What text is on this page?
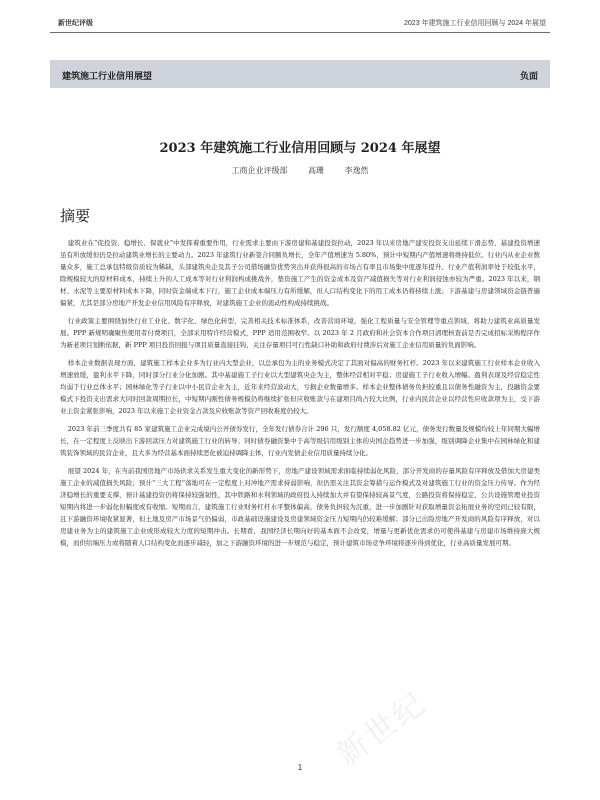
新世纪评级	2023 年建筑施工行业信用回顾与 2024 年展望
建筑施工行业信用展望	负面
2023 年建筑施工行业信用回顾与 2024 年展望
工商企业评级部	高珊	李逸然
摘要

建筑业在“促投资、稳增长、保就业”中发挥着重要作用，行业需求主要由下游房建和基建投资拉动，2023 年以来房地产建安投资支出延续下滑态势，基建投资增速虽有所放缓但仍是拉动建筑业增长的主要动力。2023 年建筑行业新签合同额负增长，全年产值增速为 5.80%，预计中短期内产值增速将维持低位。行业内从业企业数量众多，施工总承包特级资质较为稀缺，头部建筑央企及其子公司借场融资优势突出并获得很高的市场占有率且市场集中度逐年提升。行业产值利润率处于较低水平，除规模较大的原材料成本，持续上升的人工成本等对行业利润构成挑战外，垫资施工产生的资金成本及资产减值损失等对行业利润侵蚀亦较为严重。2023 年以来，钢材、水泥等主要原材料成本下降，同时资金端成本下行，施工企业成本端压力有所缓解，但人口结构变化下的用工成本仍将持续上涨；下游基建与房建领域资金链普遍偏紧，尤其是部分房地产开发企业信用风险有序释放，对建筑施工企业的流动性构成持续挑战。

行业政策主要围绕加快行业工业化、数字化、绿色化转型，完善相关技术标准体系，改善营商环境，强化工程质量与安全管理等重点领域，将助力建筑业高质量发展。PPP 新规明确聚焦使用者付费项目，全部采用特许经营模式，PPP 适用范围收窄。以 2023 年 2 月政府和社会资本合作项目清理核查前是否完成招标采购程序作为新老项目划断依据，新 PPP 项目投资回报与项目质量直接挂钩，关注存量项目可行性缺口补助和政府付费涉后对施工企业信用质量的负面影响。

样本企业数据表现方面，建筑施工样本企业多为行业内大型企业，以总承包为主的业务模式决定了其面对偏高的财务杠杆。2023 年以来建筑施工行业样本企业收入增速放缓，盈利水平下降，同时部分行业分化加剧。其中基建施工子行业以大型建筑央企为主，整体经营相对平稳；房建施工子行业收入增幅、盈利表现及经营稳定性均弱于行业总体水平；园林绿化等子行业以中小民营企业为主，近年来经营波动大，亏损企业数量增多。样本企业整体债务负担较重且以债务性融资为主，投融资金要模式下投资支出需求大同时回款周期拉长，中短期内刚性债务规模仍将继续扩张但应收账款与在建项目尚占较大比例，行业内民营企业以经营性应收款项为主，受下游业主资金紧张影响，2023 年以来施工企业资金占款及应收账款等资产回收难度仍较大。

2023 年前三季度共有 85 家建筑施工企业完成境内公开债券发行，全年发行债券合计 296 只，发行额度 4,058.82 亿元，债务发行数量及规模均较上年同期大幅增长，在一定程度上反映出下游回款压力对建筑施工行业的转导；同时债券融资集中于高等级信用级别主体的央国企趋势进一步加强，级别调降企业集中在园林绿化和建筑装饰领域的民营企业，且大多为经营基本面持续恶化被迫持调降主体，行业内发债企业信用质量持续分化。

展望 2024 年，在当前我国房地产市场供求关系发生重大变化的新形势下，房地产建设领域需求面临持续弱化风险，部分开发商的存量风险有序释放及借加大房建类施工企业的减值损失风险；预计“三大工程”落地可在一定程度上对冲地产需求持弱影响，但仍需关注其资金筹措与运作模式及对建筑施工行业的资金压力传导。作为经济稳增长的重要支撑，预计基建投资仍将保持较强韧性，其中铁路和水利领域的政府投入持续加大并有望保持较高景气度，公路投资将保持稳定，公共设施管理业投资短期内将进一步弱化但幅度或有收缩。短期而言，建筑施工行业财务杠杆水平整体偏高，债务负担较为沉重，进一步加剧针对获取增量资金拓展业务的空间已较有限，且下游融资环境收紧显著，但土地及房产市场景气仍偏弱，市政基础设施建设及房建领域资金压力短期内仍较难缓解；部分已出险房地产开发商的风险有序释放，对以房建业务为主的建筑施工企业或形成较大力度的短期冲击。长期看，我国经济长期向好的基本面不会改变，增量与更新优化需求仍可使得基建与房建市场维持庞大规模，而供给端压力或将随着人口结构变化而逐步减轻，加之下游融资环境的进一步规范与稳定，预计建筑市场竞争环境将逐步得到优化，行业高质量发展可期。

新世纪
1
